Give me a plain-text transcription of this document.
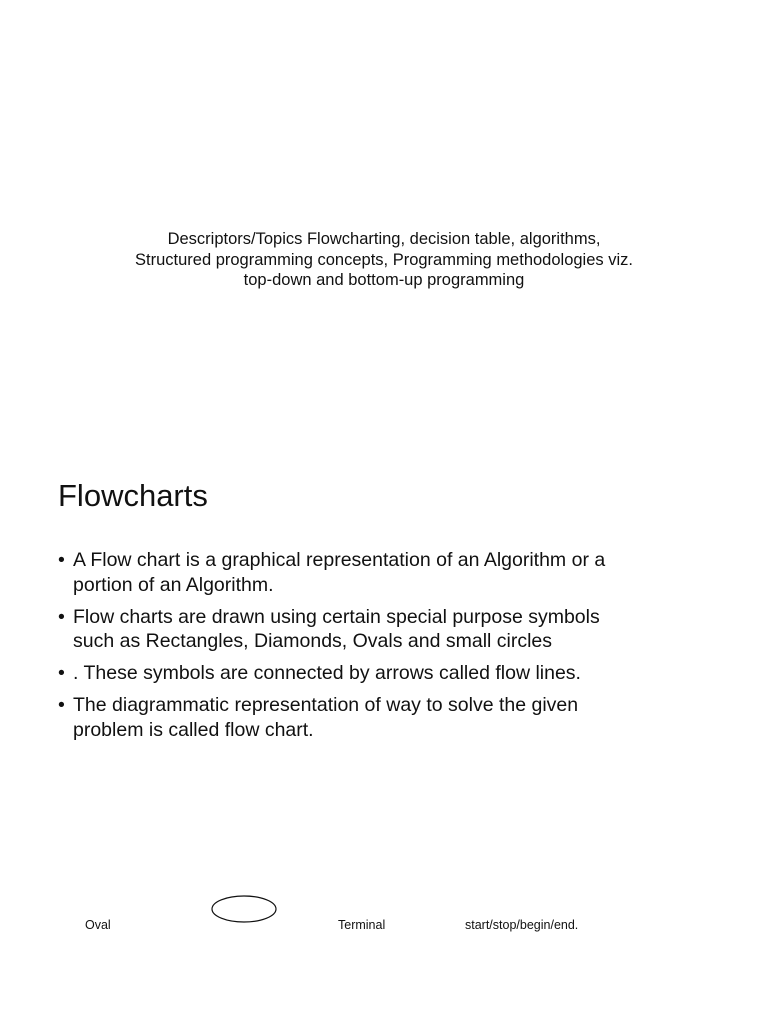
Descriptors/Topics Flowcharting, decision table, algorithms,
Structured programming concepts, Programming methodologies viz.
top-down and bottom-up programming
Flowcharts
• A Flow chart is a graphical representation of an Algorithm or a
portion of an Algorithm.
• Flow charts are drawn using certain special purpose symbols
such as Rectangles, Diamonds, Ovals and small circles
• . These symbols are connected by arrows called flow lines.
• The diagrammatic representation of way to solve the given
problem is called flow chart.
Oval	Terminal	start/stop/begin/end.
